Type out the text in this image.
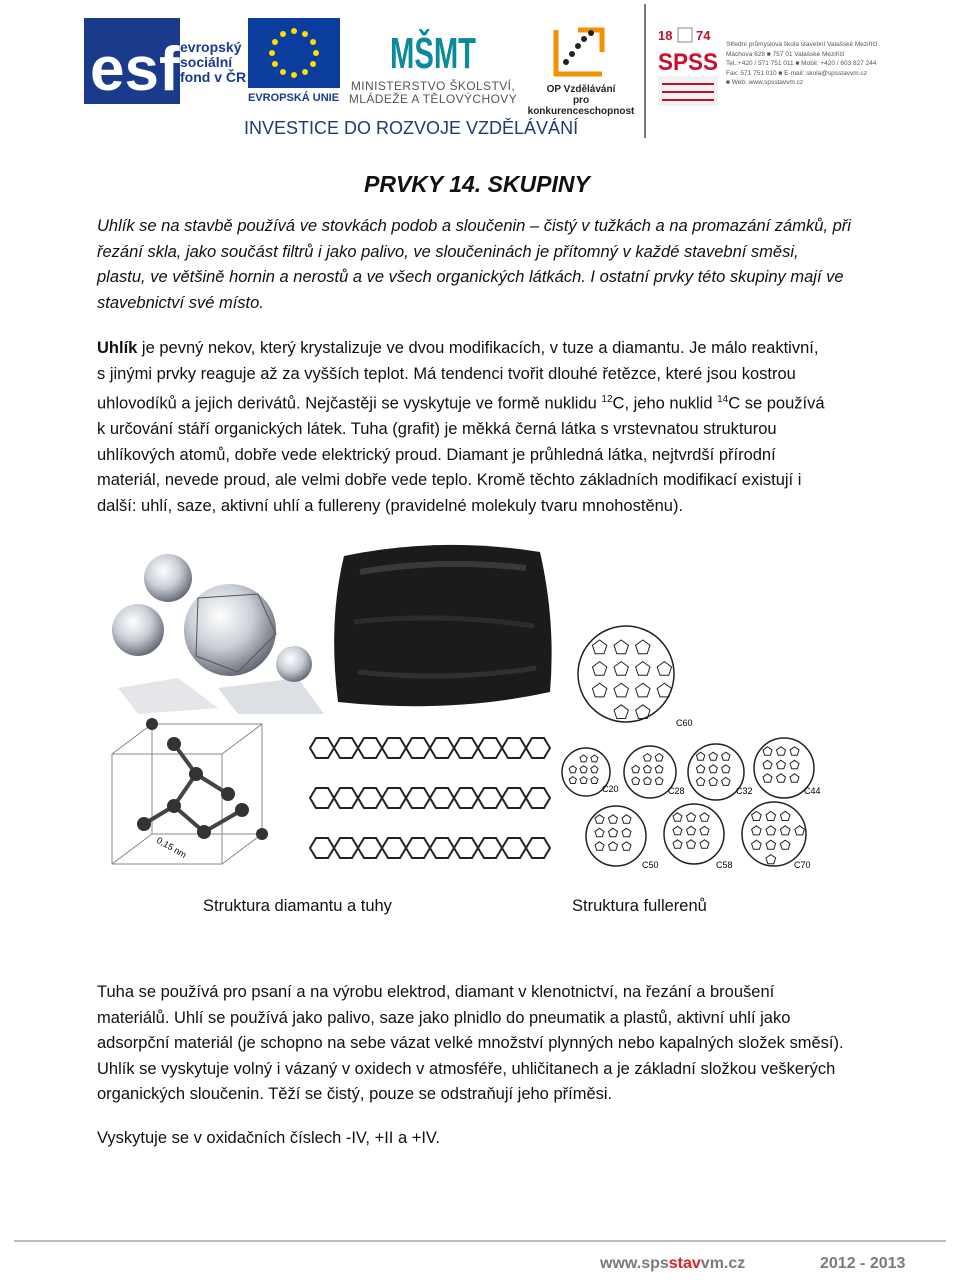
esf evropský
sociální
fond v ČR
EVROPSKÁ UNIE
MŠMT
MINISTERSTVO ŠKOLSTVÍ,
MLÁDEŽE A TĚLOVÝCHOVY
OP Vzdělávání
pro konkurenceschopnost
18 74
SPSS
Střední průmyslová škola stavební Valašské Meziříčí
Máchova 628 ■ 757 01 Valašské Meziříčí
Tel.:+420 / 571 751 011 ■ Mobil: +420 / 603 827 244
Fax: 571 751 010 ■ E-mail: skola@spsstavvm.cz
■ Web: www.spsstavvm.cz
INVESTICE DO ROZVOJE VZDĚLÁVÁNÍ
PRVKY 14. SKUPINY

Uhlík se na stavbě používá ve stovkách podob a sloučenin – čistý v tužkách a na promazání zámků, při

řezání skla, jako součást filtrů i jako palivo, ve sloučeninách je přítomný v každé stavební směsi,

plastu, ve většině hornin a nerostů a ve všech organických látkách. I ostatní prvky této skupiny mají ve

stavebnictví své místo.

Uhlík je pevný nekov, který krystalizuje ve dvou modifikacích, v tuze a diamantu. Je málo reaktivní,

s jinými prvky reaguje až za vyšších teplot. Má tendenci tvořit dlouhé řetězce, které jsou kostrou

uhlovodíků a jejich derivátů. Nejčastěji se vyskytuje ve formě nuklidu $^{12}$C, jeho nuklid $^{14}$C se používá

k určování stáří organických látek. Tuha (grafit) je měkká černá látka s vrstevnatou strukturou

uhlíkových atomů, dobře vede elektrický proud. Diamant je průhledná látka, nejtvrdší přírodní

materiál, nevede proud, ale velmi dobře vede teplo. Kromě těchto základních modifikací existují i

další: uhlí, saze, aktivní uhlí a fullereny (pravidelné molekuly tvaru mnohostěnu).

0,15 nm
C60
C20	C28	C32	C44
C50	C58	C70
Struktura diamantu a tuhy	Struktura fullerenů

Tuha se používá pro psaní a na výrobu elektrod, diamant v klenotnictví, na řezání a broušení

materiálů. Uhlí se používá jako palivo, saze jako plnidlo do pneumatik a plastů, aktivní uhlí jako

adsorpční materiál (je schopno na sebe vázat velké množství plynných nebo kapalných složek směsí).

Uhlík se vyskytuje volný i vázaný v oxidech v atmosféře, uhličitanech a je základní složkou veškerých

organických sloučenin. Těží se čistý, pouze se odstraňují jeho příměsi.

Vyskytuje se v oxidačních číslech -IV, +II a +IV.
www.spsstavvm.cz	2012 - 2013
